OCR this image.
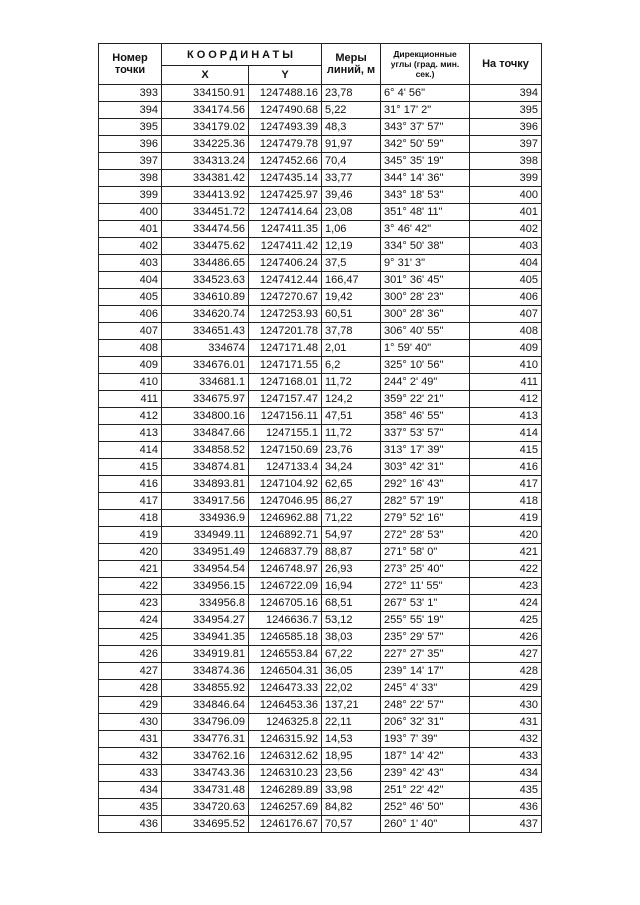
Номер точки	КООРДИНАТЫ		Меры линий, м	Дирекционные углы (град. мин. сек.)	На точку
	X	Y			
393	334150.91	1247488.16	23,78	6° 4' 56"	394
394	334174.56	1247490.68	5,22	31° 17' 2"	395
395	334179.02	1247493.39	48,3	343° 37' 57"	396
396	334225.36	1247479.78	91,97	342° 50' 59"	397
397	334313.24	1247452.66	70,4	345° 35' 19"	398
398	334381.42	1247435.14	33,77	344° 14' 36"	399
399	334413.92	1247425.97	39,46	343° 18' 53"	400
400	334451.72	1247414.64	23,08	351° 48' 11"	401
401	334474.56	1247411.35	1,06	3° 46' 42"	402
402	334475.62	1247411.42	12,19	334° 50' 38"	403
403	334486.65	1247406.24	37,5	9° 31' 3"	404
404	334523.63	1247412.44	166,47	301° 36' 45"	405
405	334610.89	1247270.67	19,42	300° 28' 23"	406
406	334620.74	1247253.93	60,51	300° 28' 36"	407
407	334651.43	1247201.78	37,78	306° 40' 55"	408
408	334674	1247171.48	2,01	1° 59' 40"	409
409	334676.01	1247171.55	6,2	325° 10' 56"	410
410	334681.1	1247168.01	11,72	244° 2' 49"	411
411	334675.97	1247157.47	124,2	359° 22' 21"	412
412	334800.16	1247156.11	47,51	358° 46' 55"	413
413	334847.66	1247155.1	11,72	337° 53' 57"	414
414	334858.52	1247150.69	23,76	313° 17' 39"	415
415	334874.81	1247133.4	34,24	303° 42' 31"	416
416	334893.81	1247104.92	62,65	292° 16' 43"	417
417	334917.56	1247046.95	86,27	282° 57' 19"	418
418	334936.9	1246962.88	71,22	279° 52' 16"	419
419	334949.11	1246892.71	54,97	272° 28' 53"	420
420	334951.49	1246837.79	88,87	271° 58' 0"	421
421	334954.54	1246748.97	26,93	273° 25' 40"	422
422	334956.15	1246722.09	16,94	272° 11' 55"	423
423	334956.8	1246705.16	68,51	267° 53' 1"	424
424	334954.27	1246636.7	53,12	255° 55' 19"	425
425	334941.35	1246585.18	38,03	235° 29' 57"	426
426	334919.81	1246553.84	67,22	227° 27' 35"	427
427	334874.36	1246504.31	36,05	239° 14' 17"	428
428	334855.92	1246473.33	22,02	245° 4' 33"	429
429	334846.64	1246453.36	137,21	248° 22' 57"	430
430	334796.09	1246325.8	22,11	206° 32' 31"	431
431	334776.31	1246315.92	14,53	193° 7' 39"	432
432	334762.16	1246312.62	18,95	187° 14' 42"	433
433	334743.36	1246310.23	23,56	239° 42' 43"	434
434	334731.48	1246289.89	33,98	251° 22' 42"	435
435	334720.63	1246257.69	84,82	252° 46' 50"	436
436	334695.52	1246176.67	70,57	260° 1' 40"	437
